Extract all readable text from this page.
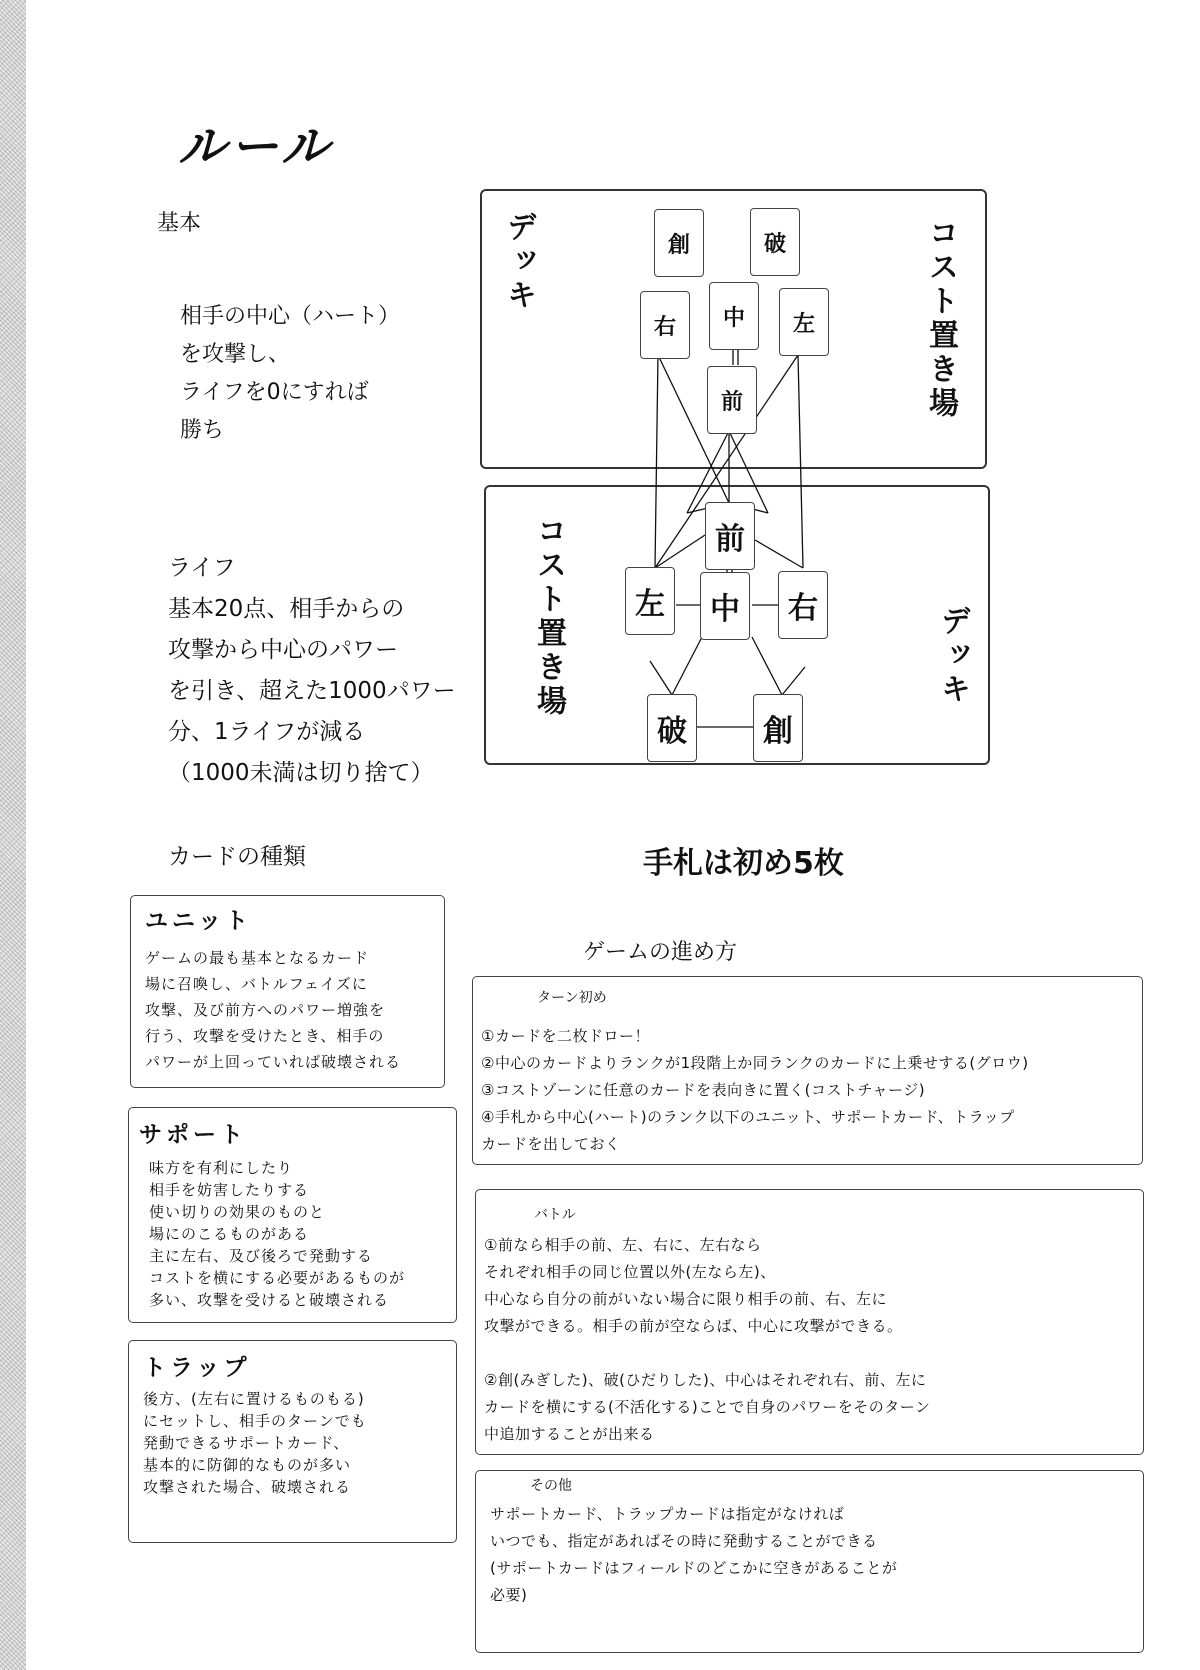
ルール
基本
相手の中心（ハート）
を攻撃し、
ライフを0にすれば
勝ち
ライフ
基本20点、相手からの
攻撃から中心のパワー
を引き、超えた1000パワー
分、1ライフが減る
（1000未満は切り捨て）
デッキ	コスト置き場
創	破
右	中	左
前
コスト置き場	デッキ
前
左	中	右
破	創
手札は初め5枚
カードの種類
ゲームの進め方
ユニット
ゲームの最も基本となるカード
場に召喚し、バトルフェイズに
攻撃、及び前方へのパワー増強を
行う、攻撃を受けたとき、相手の
パワーが上回っていれば破壊される
サポート
味方を有利にしたり
相手を妨害したりする
使い切りの効果のものと
場にのこるものがある
主に左右、及び後ろで発動する
コストを横にする必要があるものが
多い、攻撃を受けると破壊される
トラップ
後方、(左右に置けるものもる)
にセットし、相手のターンでも
発動できるサポートカード、
基本的に防御的なものが多い
攻撃された場合、破壊される
ターン初め
①カードを二枚ドロー！
②中心のカードよりランクが1段階上か同ランクのカードに上乗せする(グロウ)
③コストゾーンに任意のカードを表向きに置く(コストチャージ)
④手札から中心(ハート)のランク以下のユニット、サポートカード、トラップ
カードを出しておく
バトル
①前なら相手の前、左、右に、左右なら
それぞれ相手の同じ位置以外(左なら左)、
中心なら自分の前がいない場合に限り相手の前、右、左に
攻撃ができる。相手の前が空ならば、中心に攻撃ができる。
②創(みぎした)、破(ひだりした)、中心はそれぞれ右、前、左に
カードを横にする(不活化する)ことで自身のパワーをそのターン
中追加することが出来る
その他
サポートカード、トラップカードは指定がなければ
いつでも、指定があればその時に発動することができる
(サポートカードはフィールドのどこかに空きがあることが
必要)
